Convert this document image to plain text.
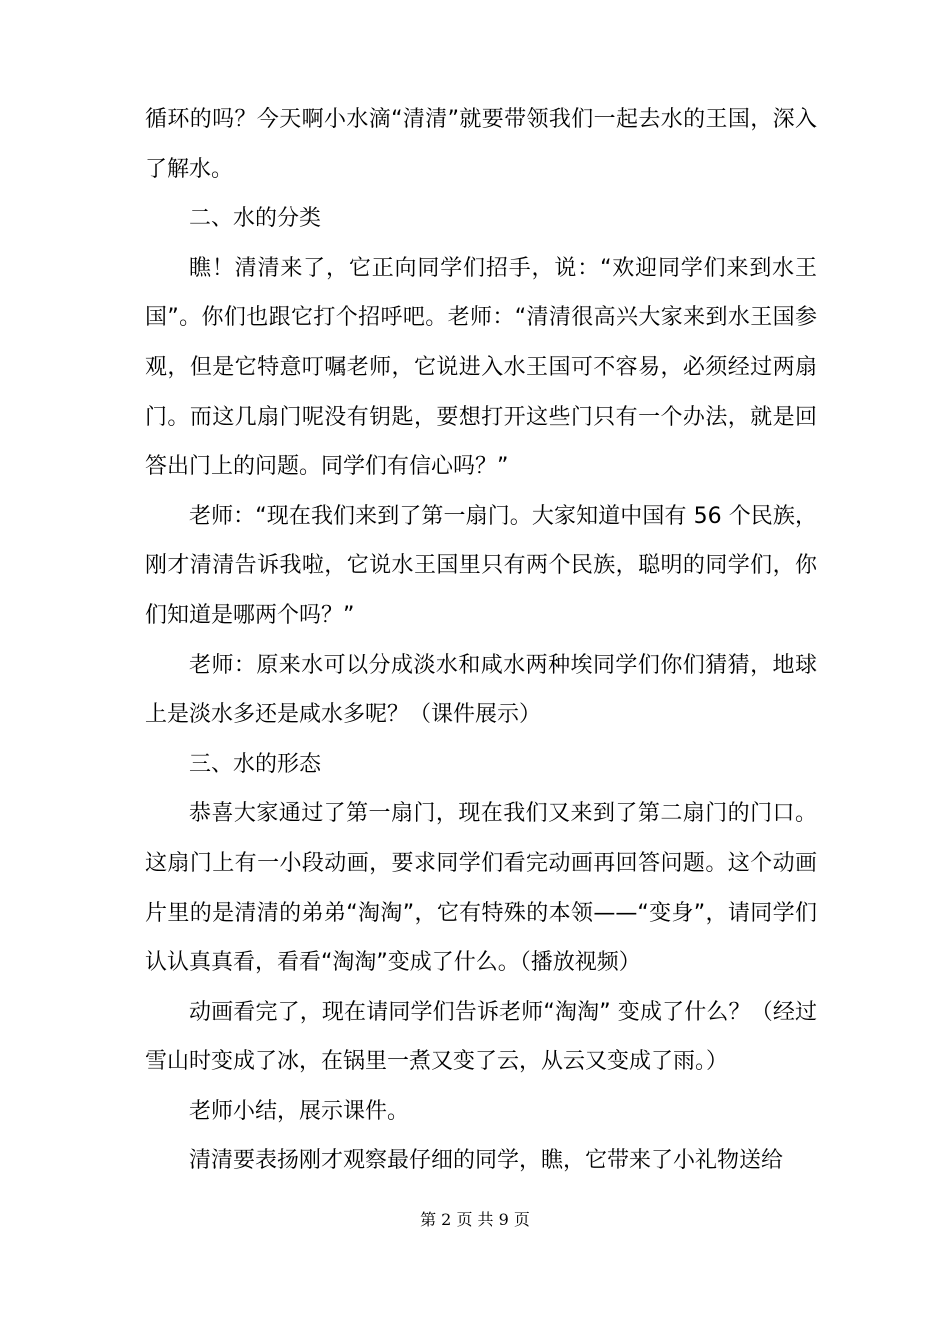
循环的吗？今天啊小水滴“清清”就要带领我们一起去水的王国，深入了解水。

二、水的分类

瞧！清清来了，它正向同学们招手，说：“欢迎同学们来到水王国”。你们也跟它打个招呼吧。老师：“清清很高兴大家来到水王国参观，但是它特意叮嘱老师，它说进入水王国可不容易，必须经过两扇门。而这几扇门呢没有钥匙，要想打开这些门只有一个办法，就是回答出门上的问题。同学们有信心吗？”

老师：“现在我们来到了第一扇门。大家知道中国有 56 个民族，刚才清清告诉我啦，它说水王国里只有两个民族，聪明的同学们，你们知道是哪两个吗？”

老师：原来水可以分成淡水和咸水两种埃同学们你们猜猜，地球上是淡水多还是咸水多呢？（课件展示）

三、水的形态

恭喜大家通过了第一扇门，现在我们又来到了第二扇门的门口。这扇门上有一小段动画，要求同学们看完动画再回答问题。这个动画片里的是清清的弟弟“淘淘”，它有特殊的本领——“变身”，请同学们认认真真看，看看“淘淘”变成了什么。（播放视频）

动画看完了，现在请同学们告诉老师“淘淘” 变成了什么？（经过雪山时变成了冰，在锅里一煮又变了云，从云又变成了雨。）

老师小结，展示课件。

清清要表扬刚才观察最仔细的同学，瞧，它带来了小礼物送给

第 2 页 共 9 页
